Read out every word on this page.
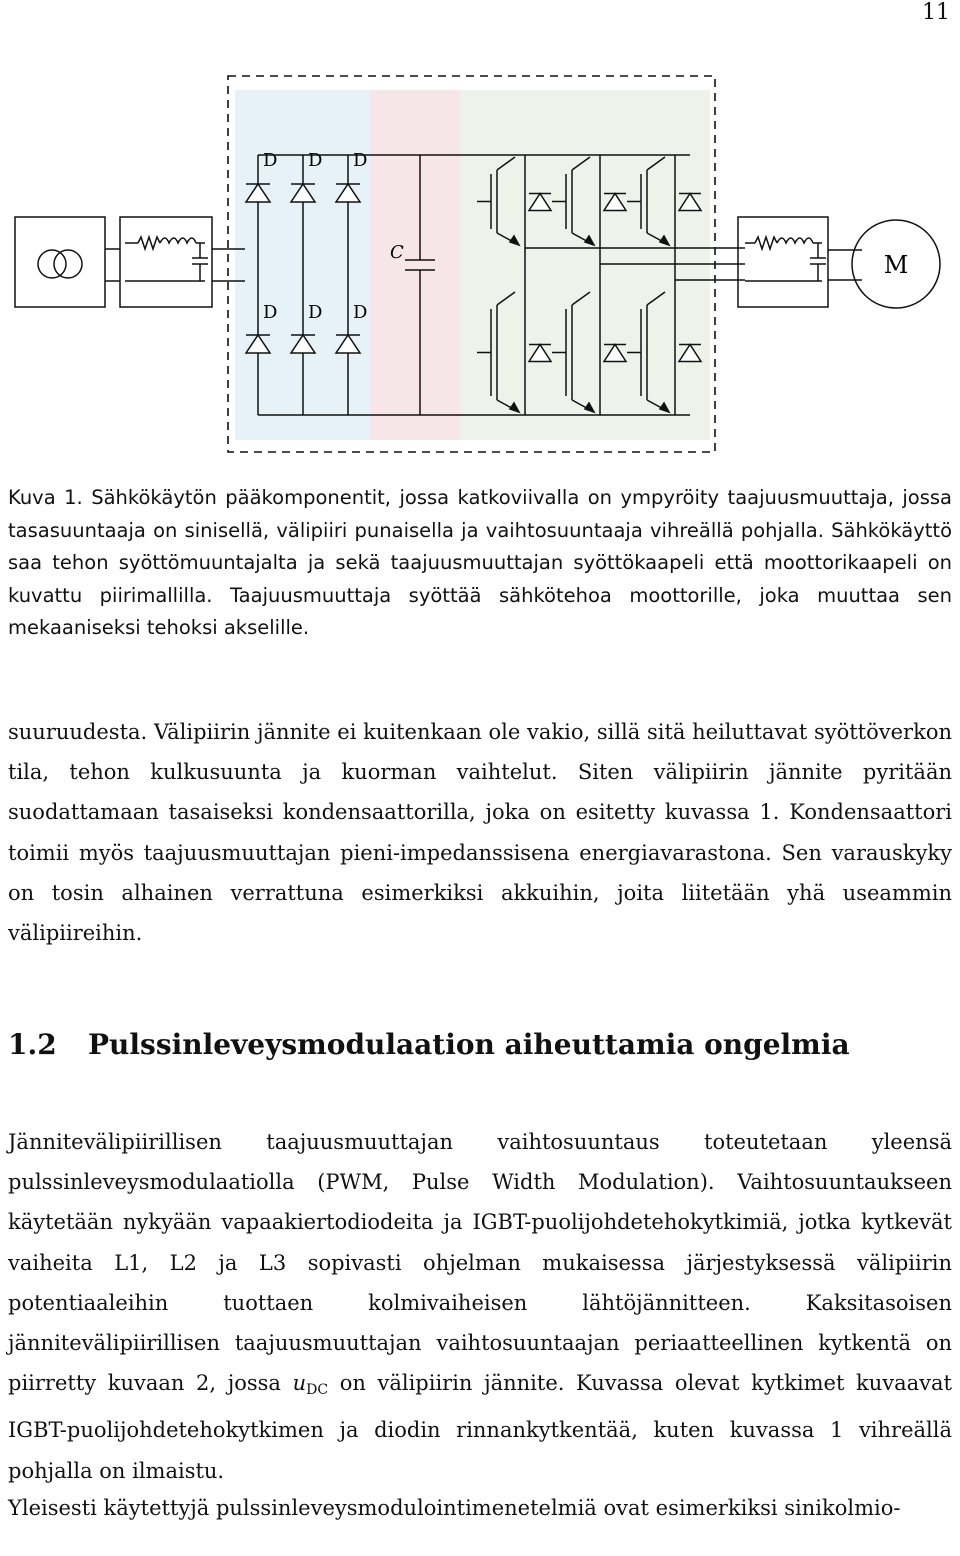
11
D D D
D D D
C	M
Kuva 1. Sähkökäytön pääkomponentit, jossa katkoviivalla on ympyröity taajuusmuuttaja, jossa tasasuuntaaja on sinisellä, välipiiri punaisella ja vaihtosuuntaaja vihreällä pohjalla. Sähkökäyttö saa tehon syöttömuuntajalta ja sekä taajuusmuuttajan syöttökaapeli että moottorikaapeli on kuvattu piirimallilla. Taajuusmuuttaja syöttää sähkötehoa moottorille, joka muuttaa sen mekaaniseksi tehoksi akselille.
suuruudesta. Välipiirin jännite ei kuitenkaan ole vakio, sillä sitä heiluttavat syöttöverkon tila, tehon kulkusuunta ja kuorman vaihtelut. Siten välipiirin jännite pyritään suodattamaan tasaiseksi kondensaattorilla, joka on esitetty kuvassa 1. Kondensaattori toimii myös taajuusmuuttajan pieni-impedanssisena energiavarastona. Sen varauskyky on tosin alhainen verrattuna esimerkiksi akkuihin, joita liitetään yhä useammin välipiireihin.
1.2 Pulssinleveysmodulaation aiheuttamia ongelmia
Jännitevälipiirillisen taajuusmuuttajan vaihtosuuntaus toteutetaan yleensä pulssinleveysmodulaatiolla (PWM, Pulse Width Modulation). Vaihtosuuntaukseen käytetään nykyään vapaakiertodiodeita ja IGBT-puolijohdetehokytkimiä, jotka kytkevät vaiheita L1, L2 ja L3 sopivasti ohjelman mukaisessa järjestyksessä välipiirin potentiaaleihin tuottaen kolmivaiheisen lähtöjännitteen. Kaksitasoisen jännitevälipiirillisen taajuusmuuttajan vaihtosuuntaajan periaatteellinen kytkentä on piirretty kuvaan 2, jossa $u_{DC}$ on välipiirin jännite. Kuvassa olevat kytkimet kuvaavat IGBT-puolijohdetehokytkimen ja diodin rinnankytkentää, kuten kuvassa 1 vihreällä pohjalla on ilmaistu.
Yleisesti käytettyjä pulssinleveysmodulointimenetelmiä ovat esimerkiksi sinikolmio-
